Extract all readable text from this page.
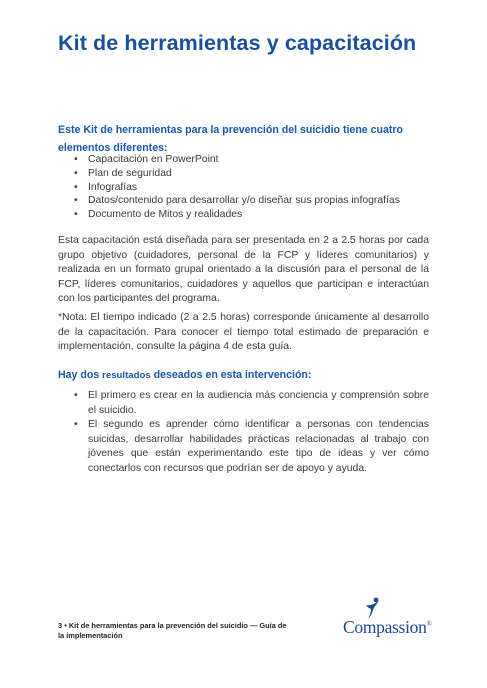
Kit de herramientas y capacitación

Este Kit de herramientas para la prevención del suicidio tiene cuatro elementos diferentes:

• Capacitación en PowerPoint
• Plan de seguridad
• Infografías
• Datos/contenido para desarrollar y/o diseñar sus propias infografías
• Documento de Mitos y realidades

Esta capacitación está diseñada para ser presentada en 2 a 2.5 horas por cada grupo objetivo (cuidadores, personal de la FCP y líderes comunitarios) y realizada en un formato grupal orientado a la discusión para el personal de la FCP, líderes comunitarios, cuidadores y aquellos que participan e interactúan con los participantes del programa.

*Nota: El tiempo indicado (2 a 2.5 horas) corresponde únicamente al desarrollo de la capacitación. Para conocer el tiempo total estimado de preparación e implementación, consulte la página 4 de esta guía.

Hay dos resultados deseados en esta intervención:

• El primero es crear en la audiencia más conciencia y comprensión sobre el suicidio.
• El segundo es aprender cómo identificar a personas con tendencias suicidas, desarrollar habilidades prácticas relacionadas al trabajo con jóvenes que están experimentando este tipo de ideas y ver cómo conectarlos con recursos que podrían ser de apoyo y ayuda.

3 • Kit de herramientas para la prevención del suicidio — Guía de la implementación	Compassion®
